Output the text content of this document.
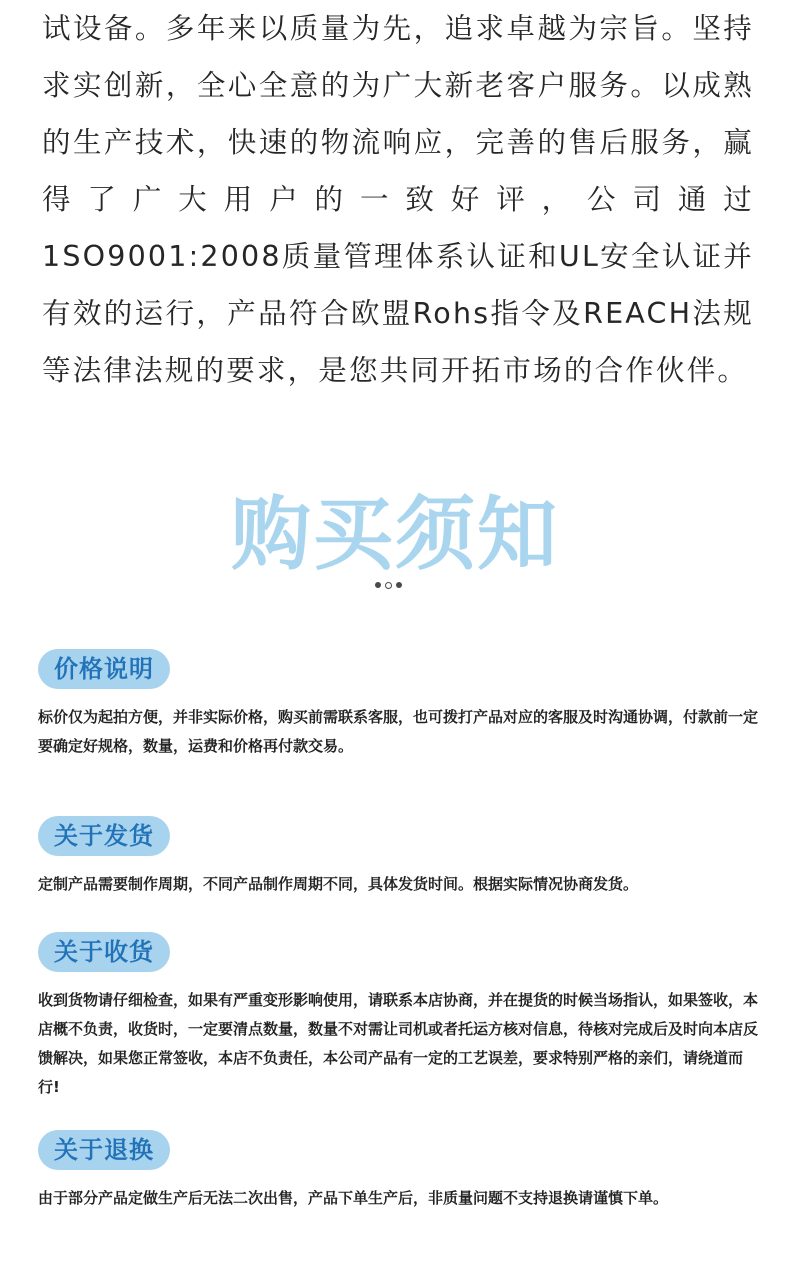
试设备。多年来以质量为先，追求卓越为宗旨。坚持求实创新，全心全意的为广大新老客户服务。以成熟的生产技术，快速的物流响应，完善的售后服务，赢得了广大用户的一致好评，公司通过1SO9001:2008质量管理体系认证和UL安全认证并有效的运行，产品符合欧盟Rohs指令及REACH法规等法律法规的要求，是您共同开拓市场的合作伙伴。
购买须知
价格说明
标价仅为起拍方便，并非实际价格，购买前需联系客服，也可拨打产品对应的客服及时沟通协调，付款前一定要确定好规格，数量，运费和价格再付款交易。
关于发货
定制产品需要制作周期，不同产品制作周期不同，具体发货时间。根据实际情况协商发货。
关于收货
收到货物请仔细检查，如果有严重变形影响使用，请联系本店协商，并在提货的时候当场指认，如果签收，本店概不负责，收货时，一定要清点数量，数量不对需让司机或者托运方核对信息，待核对完成后及时向本店反馈解决，如果您正常签收，本店不负责任，本公司产品有一定的工艺误差，要求特别严格的亲们，请绕道而行!
关于退换
由于部分产品定做生产后无法二次出售，产品下单生产后，非质量问题不支持退换请谨慎下单。
